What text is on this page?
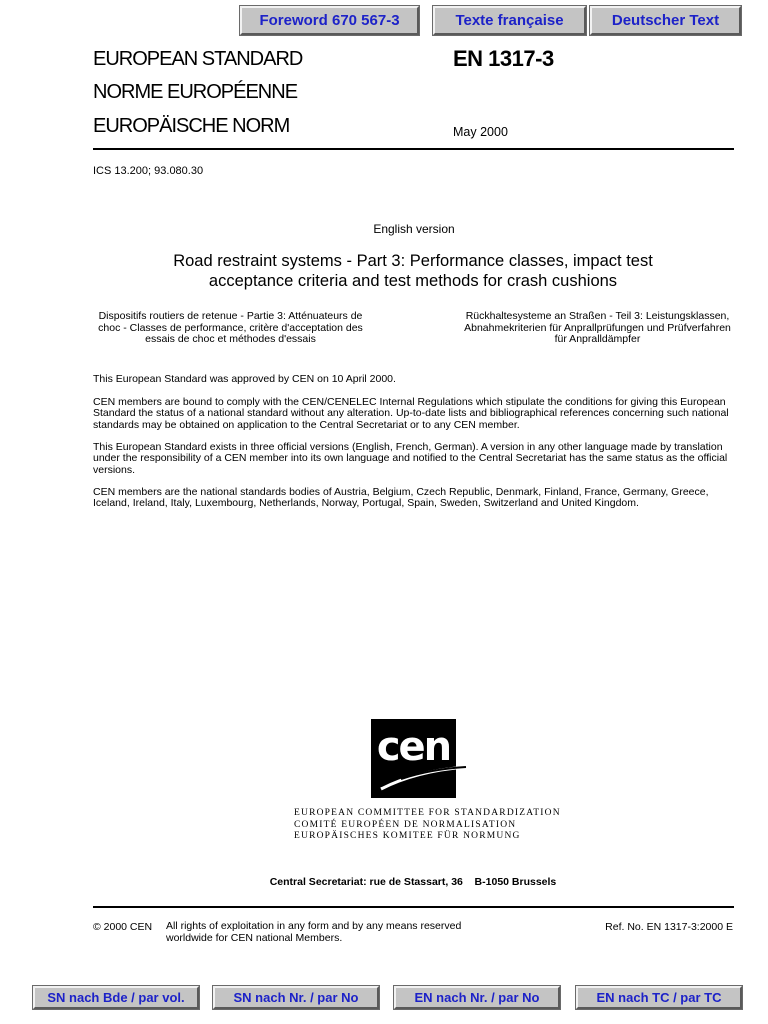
Foreword 670 567-3	Texte française	Deutscher Text
EUROPEAN STANDARD
NORME EUROPÉENNE
EUROPÄISCHE NORM
EN 1317-3
May 2000
ICS 13.200; 93.080.30
English version
Road restraint systems - Part 3: Performance classes, impact test acceptance criteria and test methods for crash cushions
Dispositifs routiers de retenue - Partie 3: Atténuateurs de choc - Classes de performance, critère d'acceptation des essais de choc et méthodes d'essais
Rückhaltesysteme an Straßen - Teil 3: Leistungsklassen, Abnahmekriterien für Anprallprüfungen und Prüfverfahren für Anpralldämpfer

This European Standard was approved by CEN on 10 April 2000.

CEN members are bound to comply with the CEN/CENELEC Internal Regulations which stipulate the conditions for giving this European Standard the status of a national standard without any alteration. Up-to-date lists and bibliographical references concerning such national standards may be obtained on application to the Central Secretariat or to any CEN member.

This European Standard exists in three official versions (English, French, German). A version in any other language made by translation under the responsibility of a CEN member into its own language and notified to the Central Secretariat has the same status as the official versions.

CEN members are the national standards bodies of Austria, Belgium, Czech Republic, Denmark, Finland, France, Germany, Greece, Iceland, Ireland, Italy, Luxembourg, Netherlands, Norway, Portugal, Spain, Sweden, Switzerland and United Kingdom.

cen
EUROPEAN COMMITTEE FOR STANDARDIZATION
COMITÉ EUROPÉEN DE NORMALISATION
EUROPÄISCHES KOMITEE FÜR NORMUNG
Central Secretariat: rue de Stassart, 36    B-1050 Brussels
© 2000 CEN All rights of exploitation in any form and by any means reserved worldwide for CEN national Members.
Ref. No. EN 1317-3:2000 E
SN nach Bde / par vol.	SN nach Nr. / par No	EN nach Nr. / par No	EN nach TC / par TC
